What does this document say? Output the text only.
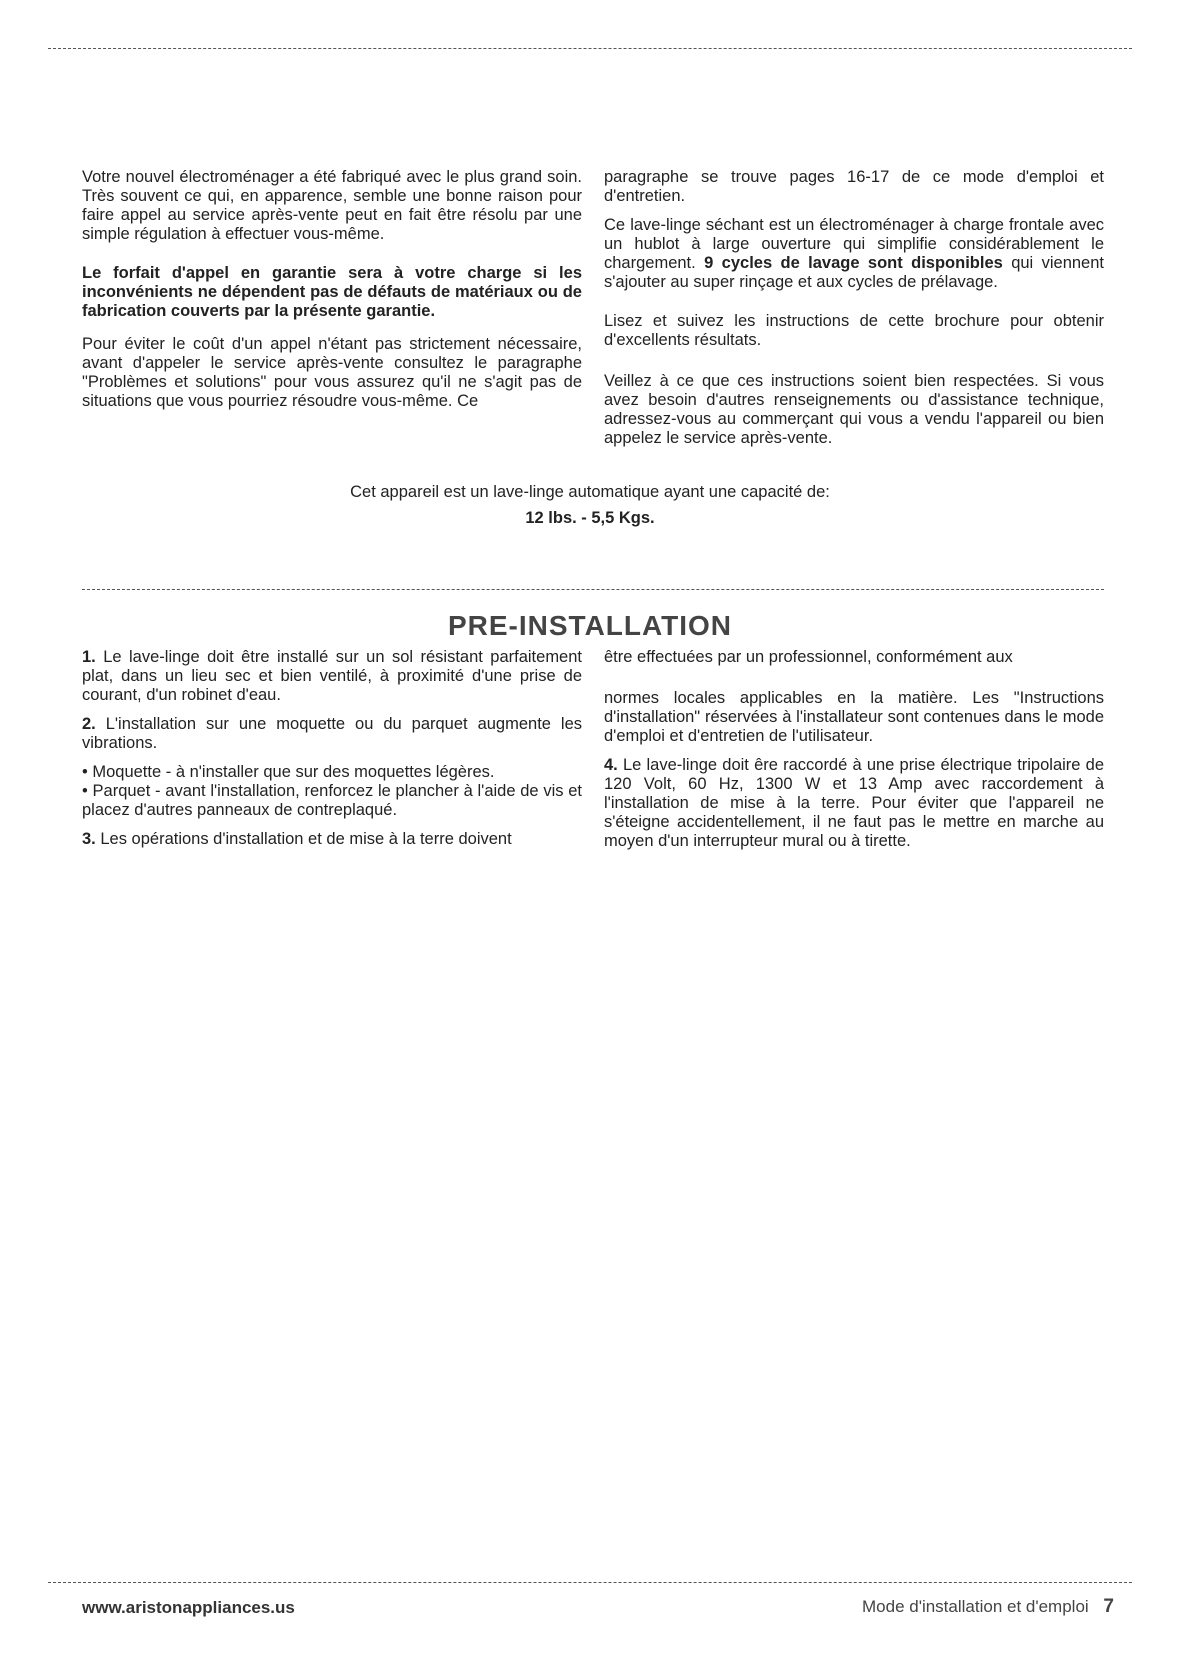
Votre nouvel électroménager a été fabriqué avec le plus grand soin. Très souvent ce qui, en apparence, semble une bonne raison pour faire appel au service après-vente peut en fait être résolu par une simple régulation à effectuer vous-même.

Le forfait d'appel en garantie sera à votre charge si les inconvénients ne dépendent pas de défauts de matériaux ou de fabrication couverts par la présente garantie.

Pour éviter le coût d'un appel n'étant pas strictement nécessaire, avant d'appeler le service après-vente consultez le paragraphe "Problèmes et solutions" pour vous assurez qu'il ne s'agit pas de situations que vous pourriez résoudre vous-même. Ce

paragraphe se trouve pages 16-17 de ce mode d'emploi et d'entretien.

Ce lave-linge séchant est un électroménager à charge frontale avec un hublot à large ouverture qui simplifie considérablement le chargement. 9 cycles de lavage sont disponibles qui viennent s'ajouter au super rinçage et aux cycles de prélavage.

Lisez et suivez les instructions de cette brochure pour obtenir d'excellents résultats.

Veillez à ce que ces instructions soient bien respectées. Si vous avez besoin d'autres renseignements ou d'assistance technique, adressez-vous au commerçant qui vous a vendu l'appareil ou bien appelez le service après-vente.

Cet appareil est un lave-linge automatique ayant une capacité de:
12 lbs. - 5,5 Kgs.
PRE-INSTALLATION

1. Le lave-linge doit être installé sur un sol résistant parfaitement plat, dans un lieu sec et bien ventilé, à proximité d'une prise de courant, d'un robinet d'eau.

2. L'installation sur une moquette ou du parquet augmente les vibrations.

• Moquette - à n'installer que sur des moquettes légères.

• Parquet - avant l'installation, renforcez le plancher à l'aide de vis et placez d'autres panneaux de contreplaqué.

3. Les opérations d'installation et de mise à la terre doivent

être effectuées par un professionnel, conformément aux

normes locales applicables en la matière. Les "Instructions d'installation" réservées à l'installateur sont contenues dans le mode d'emploi et d'entretien de l'utilisateur.

4. Le lave-linge doit êre raccordé à une prise électrique tripolaire de 120 Volt, 60 Hz, 1300 W et 13 Amp avec raccordement à l'installation de mise à la terre. Pour éviter que l'appareil ne s'éteigne accidentellement, il ne faut pas le mettre en marche au moyen d'un interrupteur mural ou à tirette.

www.aristonappliances.us	Mode d'installation et d'emploi 7
